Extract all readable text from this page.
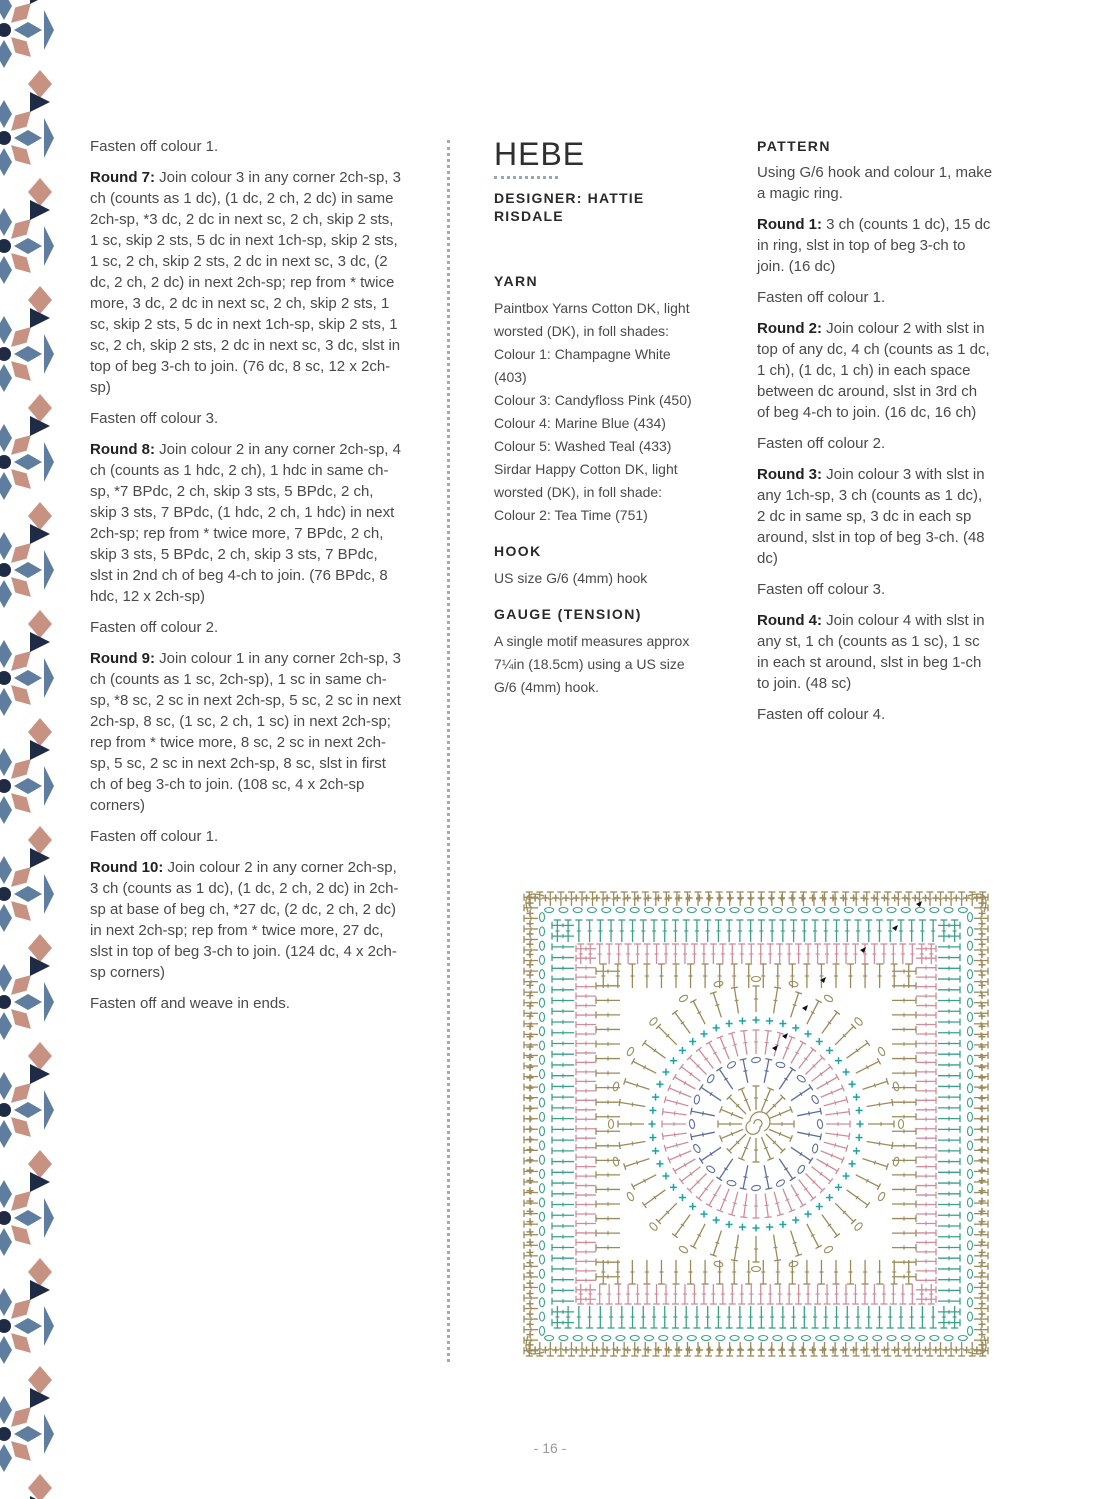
Fasten off colour 1.

Round 7: Join colour 3 in any corner 2ch-sp, 3 ch (counts as 1 dc), (1 dc, 2 ch, 2 dc) in same 2ch-sp, *3 dc, 2 dc in next sc, 2 ch, skip 2 sts, 1 sc, skip 2 sts, 5 dc in next 1ch-sp, skip 2 sts, 1 sc, 2 ch, skip 2 sts, 2 dc in next sc, 3 dc, (2 dc, 2 ch, 2 dc) in next 2ch-sp; rep from * twice more, 3 dc, 2 dc in next sc, 2 ch, skip 2 sts, 1 sc, skip 2 sts, 5 dc in next 1ch-sp, skip 2 sts, 1 sc, 2 ch, skip 2 sts, 2 dc in next sc, 3 dc, slst in top of beg 3-ch to join. (76 dc, 8 sc, 12 x 2ch-sp)

Fasten off colour 3.

Round 8: Join colour 2 in any corner 2ch-sp, 4 ch (counts as 1 hdc, 2 ch), 1 hdc in same ch-sp, *7 BPdc, 2 ch, skip 3 sts, 5 BPdc, 2 ch, skip 3 sts, 7 BPdc, (1 hdc, 2 ch, 1 hdc) in next 2ch-sp; rep from * twice more, 7 BPdc, 2 ch, skip 3 sts, 5 BPdc, 2 ch, skip 3 sts, 7 BPdc, slst in 2nd ch of beg 4-ch to join. (76 BPdc, 8 hdc, 12 x 2ch-sp)

Fasten off colour 2.

Round 9: Join colour 1 in any corner 2ch-sp, 3 ch (counts as 1 sc, 2ch-sp), 1 sc in same ch-sp, *8 sc, 2 sc in next 2ch-sp, 5 sc, 2 sc in next 2ch-sp, 8 sc, (1 sc, 2 ch, 1 sc) in next 2ch-sp; rep from * twice more, 8 sc, 2 sc in next 2ch-sp, 5 sc, 2 sc in next 2ch-sp, 8 sc, slst in first ch of beg 3-ch to join. (108 sc, 4 x 2ch-sp corners)

Fasten off colour 1.

Round 10: Join colour 2 in any corner 2ch-sp, 3 ch (counts as 1 dc), (1 dc, 2 ch, 2 dc) in 2ch-sp at base of beg ch, *27 dc, (2 dc, 2 ch, 2 dc) in next 2ch-sp; rep from * twice more, 27 dc, slst in top of beg 3-ch to join. (124 dc, 4 x 2ch-sp corners)

Fasten off and weave in ends.

HEBE

DESIGNER: HATTIE

RISDALE

YARN

Paintbox Yarns Cotton DK, light
worsted (DK), in foll shades:
Colour 1: Champagne White
(403)
Colour 3: Candyfloss Pink (450)
Colour 4: Marine Blue (434)
Colour 5: Washed Teal (433)
Sirdar Happy Cotton DK, light
worsted (DK), in foll shade:
Colour 2: Tea Time (751)

HOOK

US size G/6 (4mm) hook

GAUGE (TENSION)

A single motif measures approx
7¼in (18.5cm) using a US size
G/6 (4mm) hook.

PATTERN

Using G/6 hook and colour 1, make a magic ring.

Round 1: 3 ch (counts 1 dc), 15 dc in ring, slst in top of beg 3-ch to join. (16 dc)

Fasten off colour 1.

Round 2: Join colour 2 with slst in top of any dc, 4 ch (counts as 1 dc, 1 ch), (1 dc, 1 ch) in each space between dc around, slst in 3rd ch of beg 4-ch to join. (16 dc, 16 ch)

Fasten off colour 2.

Round 3: Join colour 3 with slst in any 1ch-sp, 3 ch (counts as 1 dc), 2 dc in same sp, 3 dc in each sp around, slst in top of beg 3-ch. (48 dc)

Fasten off colour 3.

Round 4: Join colour 4 with slst in any st, 1 ch (counts as 1 sc), 1 sc in each st around, slst in beg 1-ch to join. (48 sc)

Fasten off colour 4.

- 16 -
